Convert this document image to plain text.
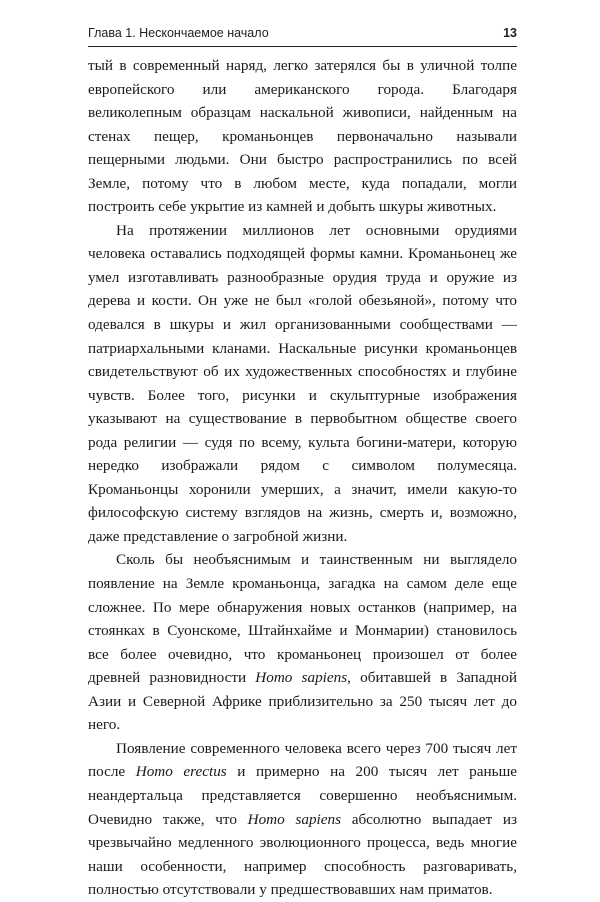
Глава 1. Нескончаемое начало	13

тый в современный наряд, легко затерялся бы в уличной толпе европейского или американского города. Благодаря великолепным образцам наскальной живописи, найденным на стенах пещер, кроманьонцев первоначально называли пещерными людьми. Они быстро распространились по всей Земле, потому что в любом месте, куда попадали, могли построить себе укрытие из камней и добыть шкуры животных.

На протяжении миллионов лет основными орудиями человека оставались подходящей формы камни. Кроманьонец же умел изготавливать разнообразные орудия труда и оружие из дерева и кости. Он уже не был «голой обезьяной», потому что одевался в шкуры и жил организованными сообществами — патриархальными кланами. Наскальные рисунки кроманьонцев свидетельствуют об их художественных способностях и глубине чувств. Более того, рисунки и скульптурные изображения указывают на существование в первобытном обществе своего рода религии — судя по всему, культа богини-матери, которую нередко изображали рядом с символом полумесяца. Кроманьонцы хоронили умерших, а значит, имели какую-то философскую систему взглядов на жизнь, смерть и, возможно, даже представление о загробной жизни.

Сколь бы необъяснимым и таинственным ни выглядело появление на Земле кроманьонца, загадка на самом деле еще сложнее. По мере обнаружения новых останков (например, на стоянках в Суонскоме, Штайнхайме и Монмарии) становилось все более очевидно, что кроманьонец произошел от более древней разновидности Homo sapiens, обитавшей в Западной Азии и Северной Африке приблизительно за 250 тысяч лет до него.

Появление современного человека всего через 700 тысяч лет после Homo erectus и примерно на 200 тысяч лет раньше неандертальца представляется совершенно необъяснимым. Очевидно также, что Homo sapiens абсолютно выпадает из чрезвычайно медленного эволюционного процесса, ведь многие наши особенности, например способность разговаривать, полностью отсутствовали у предшествовавших нам приматов.
